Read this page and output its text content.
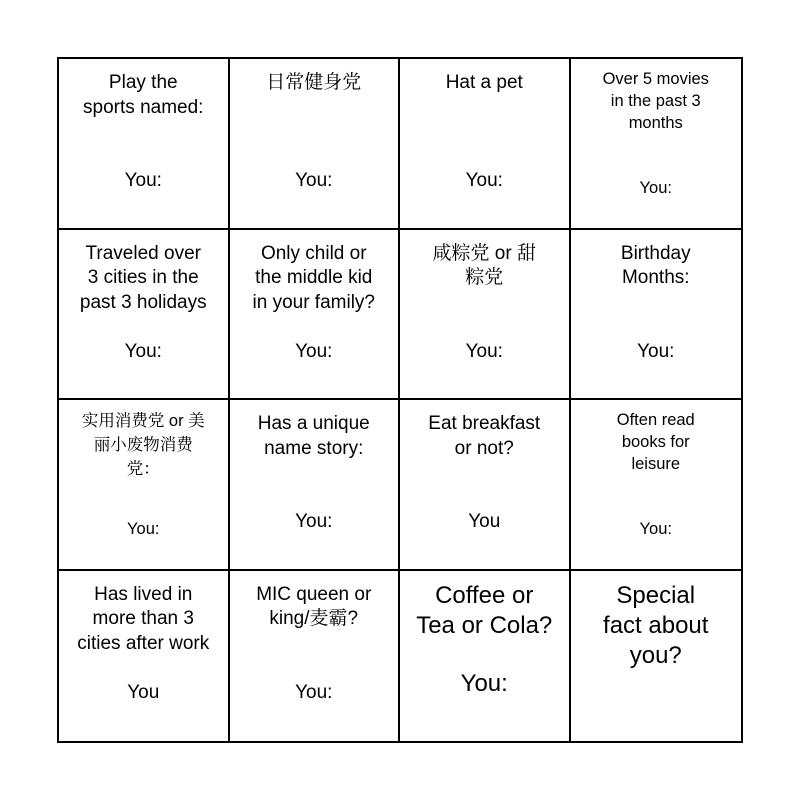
Play the
sports named:
You:
日常健身党
You:
Hat a pet
You:
Over 5 movies
in the past 3
months
You:
Traveled over
3 cities in the
past 3 holidays
You:
Only child or
the middle kid
in your family?
You:
咸粽党 or 甜
粽党
You:
Birthday
Months:
You:
实用消费党 or 美
丽小废物消费
党：
You:
Has a unique
name story:
You:
Eat breakfast
or not?
You
Often read
books for
leisure
You:
Has lived in
more than 3
cities after work
You
MIC queen or
king/麦霸?
You:
Coffee or
Tea or Cola?
You:
Special
fact about
you?
